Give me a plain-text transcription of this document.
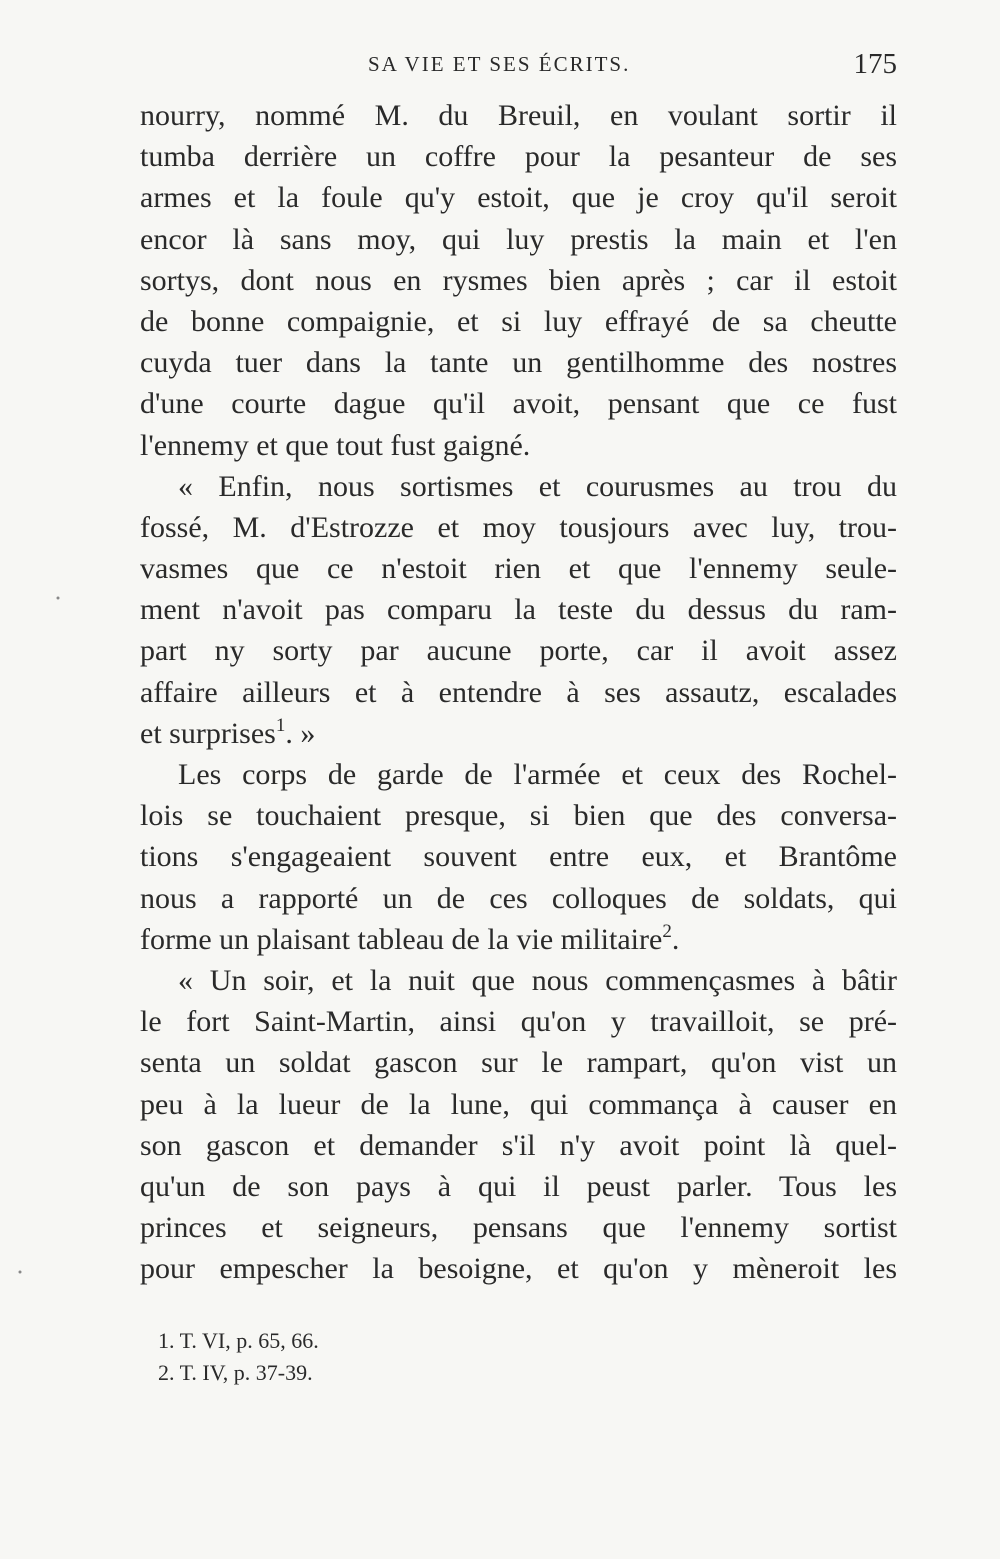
SA VIE ET SES ÉCRITS.	175
nourry, nommé M. du Breuil, en voulant sortir il
tumba derrière un coffre pour la pesanteur de ses
armes et la foule qu'y estoit, que je croy qu'il seroit
encor là sans moy, qui luy prestis la main et l'en
sortys, dont nous en rysmes bien après ; car il estoit
de bonne compaignie, et si luy effrayé de sa cheutte
cuyda tuer dans la tante un gentilhomme des nostres
d'une courte dague qu'il avoit, pensant que ce fust
l'ennemy et que tout fust gaigné.
« Enfin, nous sortismes et courusmes au trou du
fossé, M. d'Estrozze et moy tousjours avec luy, trou-
vasmes que ce n'estoit rien et que l'ennemy seule-
ment n'avoit pas comparu la teste du dessus du ram-
part ny sorty par aucune porte, car il avoit assez
affaire ailleurs et à entendre à ses assautz, escalades
et surprises$^1$. »
Les corps de garde de l'armée et ceux des Rochel-
lois se touchaient presque, si bien que des conversa-
tions s'engageaient souvent entre eux, et Brantôme
nous a rapporté un de ces colloques de soldats, qui
forme un plaisant tableau de la vie militaire$^2$.
« Un soir, et la nuit que nous commençasmes à bâtir
le fort Saint-Martin, ainsi qu'on y travailloit, se pré-
senta un soldat gascon sur le rampart, qu'on vist un
peu à la lueur de la lune, qui commança à causer en
son gascon et demander s'il n'y avoit point là quel-
qu'un de son pays à qui il peust parler. Tous les
princes et seigneurs, pensans que l'ennemy sortist
pour empescher la besoigne, et qu'on y mèneroit les
1. T. VI, p. 65, 66.
2. T. IV, p. 37-39.
